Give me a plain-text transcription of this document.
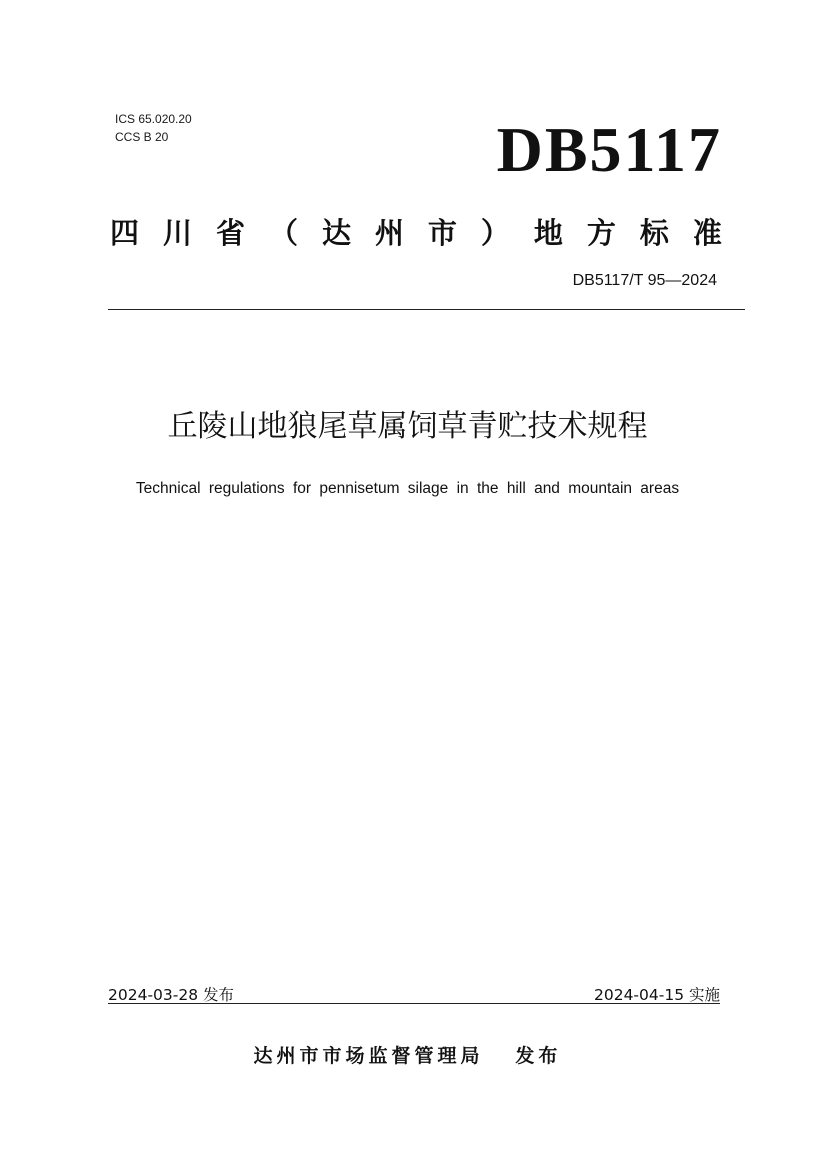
ICS 65.020.20
CCS B 20	DB5117
四 川 省 （ 达 州 市 ） 地 方 标 准
DB5117/T 95—2024
丘陵山地狼尾草属饲草青贮技术规程
Technical regulations for pennisetum silage in the hill and mountain areas
2024-03-28 发布	2024-04-15 实施
达州市市场监督管理局 发布
